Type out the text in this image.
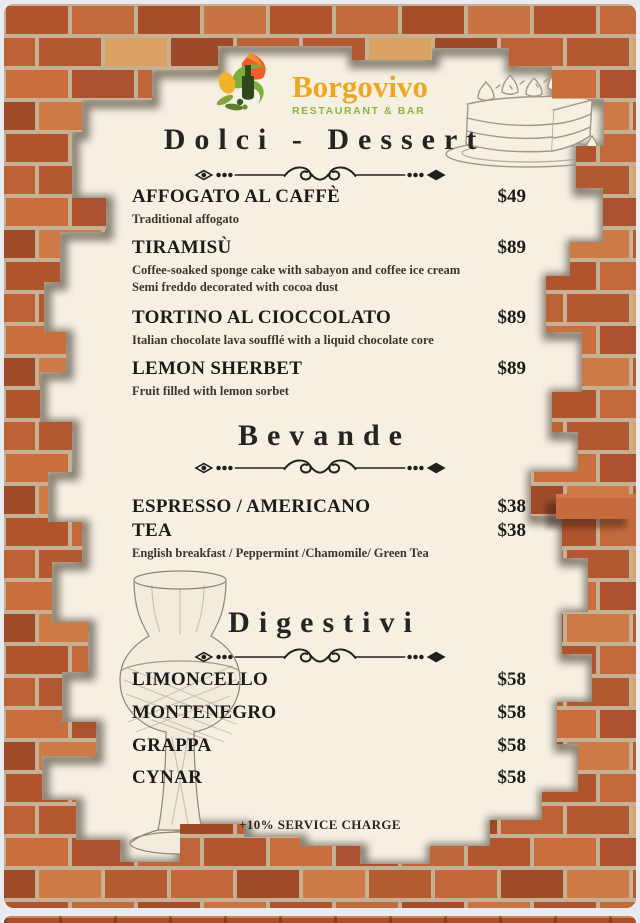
Borgovivo
RESTAURANT & BAR
Dolci - Dessert
AFFOGATO AL CAFFÈ	$49
Traditional affogato
TIRAMISÙ	$89
Coffee-soaked sponge cake with sabayon and coffee ice cream
Semi freddo decorated with cocoa dust
TORTINO AL CIOCCOLATO	$89
Italian chocolate lava soufflé with a liquid chocolate core
LEMON SHERBET	$89
Fruit filled with lemon sorbet
Bevande
ESPRESSO / AMERICANO	$38
TEA	$38
English breakfast / Peppermint /Chamomile/ Green Tea
Digestivi
LIMONCELLO	$58
MONTENEGRO	$58
GRAPPA	$58
CYNAR	$58
+10% SERVICE CHARGE
